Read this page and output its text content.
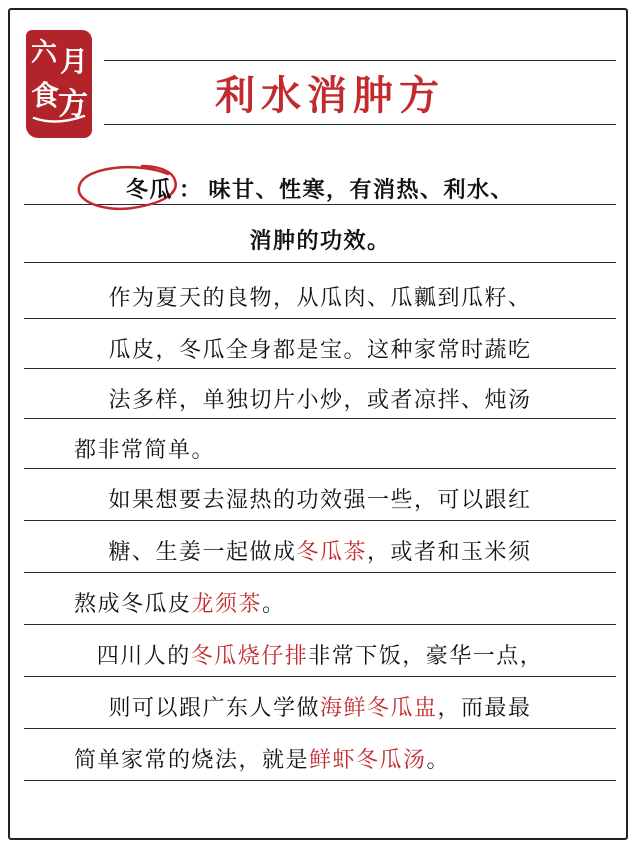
六 月
食
方	利水消肿方
冬瓜 ： 味甘、性寒，有消热、利水、
消肿的功效。
作为夏天的良物，从瓜肉、瓜瓤到瓜籽、
瓜皮，冬瓜全身都是宝。这种家常时蔬吃
法多样，单独切片小炒，或者凉拌、炖汤
都非常简单。
如果想要去湿热的功效强一些，可以跟红
糖、生姜一起做成冬瓜茶，或者和玉米须
熬成冬瓜皮龙须茶。
四川人的冬瓜烧仔排非常下饭，豪华一点，
则可以跟广东人学做海鲜冬瓜盅，而最最
简单家常的烧法，就是鲜虾冬瓜汤。
